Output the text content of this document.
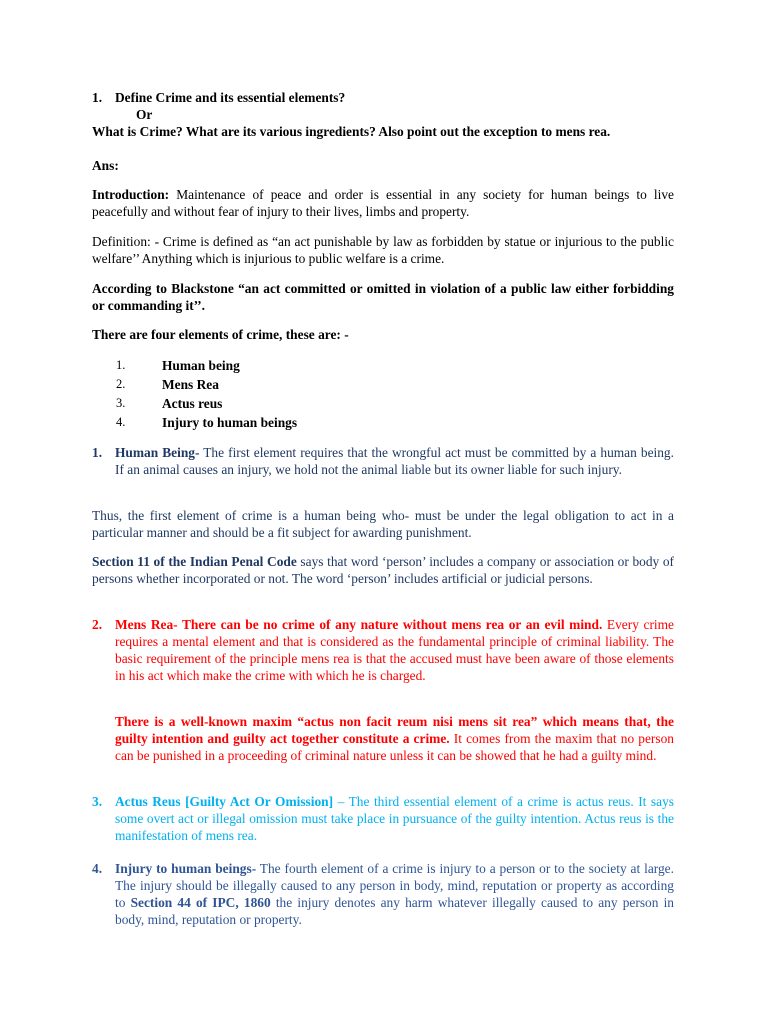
1. Define Crime and its essential elements?
Or
What is Crime? What are its various ingredients? Also point out the exception to mens rea.
Ans:
Introduction: Maintenance of peace and order is essential in any society for human beings to live peacefully and without fear of injury to their lives, limbs and property.
Definition: - Crime is defined as “an act punishable by law as forbidden by statue or injurious to the public welfare’’ Anything which is injurious to public welfare is a crime.
According to Blackstone “an act committed or omitted in violation of a public law either forbidding or commanding it’’.
There are four elements of crime, these are: -
1.	Human being
2.	Mens Rea
3.	Actus reus
4.	Injury to human beings
1. Human Being- The first element requires that the wrongful act must be committed by a human being. If an animal causes an injury, we hold not the animal liable but its owner liable for such injury.
Thus, the first element of crime is a human being who- must be under the legal obligation to act in a particular manner and should be a fit subject for awarding punishment.
Section 11 of the Indian Penal Code says that word ‘person’ includes a company or association or body of persons whether incorporated or not. The word ‘person’ includes artificial or judicial persons.
2. Mens Rea- There can be no crime of any nature without mens rea or an evil mind. Every crime requires a mental element and that is considered as the fundamental principle of criminal liability. The basic requirement of the principle mens rea is that the accused must have been aware of those elements in his act which make the crime with which he is charged.
There is a well-known maxim “actus non facit reum nisi mens sit rea” which means that, the guilty intention and guilty act together constitute a crime. It comes from the maxim that no person can be punished in a proceeding of criminal nature unless it can be showed that he had a guilty mind.
3. Actus Reus [Guilty Act Or Omission] – The third essential element of a crime is actus reus. It says some overt act or illegal omission must take place in pursuance of the guilty intention. Actus reus is the manifestation of mens rea.
4. Injury to human beings- The fourth element of a crime is injury to a person or to the society at large. The injury should be illegally caused to any person in body, mind, reputation or property as according to Section 44 of IPC, 1860 the injury denotes any harm whatever illegally caused to any person in body, mind, reputation or property.
